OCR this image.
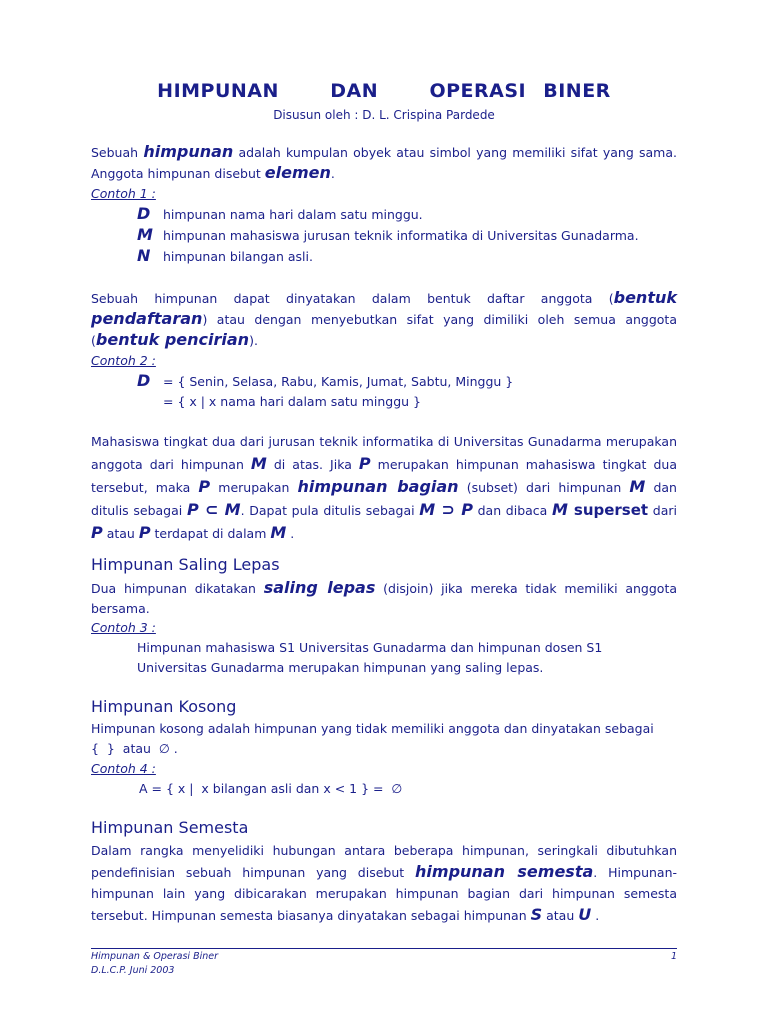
HIMPUNAN   DAN   OPERASI BINER
Disusun oleh : D. L. Crispina Pardede
Sebuah himpunan adalah kumpulan obyek atau simbol yang memiliki sifat yang sama. Anggota himpunan disebut elemen.
Contoh 1 :
D himpunan nama hari dalam satu minggu.
M himpunan mahasiswa jurusan teknik informatika di Universitas Gunadarma.
N himpunan bilangan asli.
Sebuah himpunan dapat dinyatakan dalam bentuk daftar anggota (bentuk pendaftaran) atau dengan menyebutkan sifat yang dimiliki oleh semua anggota (bentuk pencirian).
Contoh 2 :
D = { Senin, Selasa, Rabu, Kamis, Jumat, Sabtu, Minggu }
= { x | x nama hari dalam satu minggu }
Mahasiswa tingkat dua dari jurusan teknik informatika di Universitas Gunadarma merupakan anggota dari himpunan M di atas. Jika P merupakan himpunan mahasiswa tingkat dua tersebut, maka P merupakan himpunan bagian (subset) dari himpunan M dan ditulis sebagai P ⊂ M. Dapat pula ditulis sebagai M ⊃ P dan dibaca M superset dari P atau P terdapat di dalam M .
Himpunan Saling Lepas
Dua himpunan dikatakan saling lepas (disjoin) jika mereka tidak memiliki anggota bersama.
Contoh 3 :
Himpunan mahasiswa S1 Universitas Gunadarma dan himpunan dosen S1 Universitas Gunadarma merupakan himpunan yang saling lepas.
Himpunan Kosong
Himpunan kosong adalah himpunan yang tidak memiliki anggota dan dinyatakan sebagai
{  }  atau  ∅ .
Contoh 4 :
A = { x |  x bilangan asli dan x < 1 } =  ∅
Himpunan Semesta
Dalam rangka menyelidiki hubungan antara beberapa himpunan, seringkali dibutuhkan pendefinisian sebuah himpunan yang disebut himpunan semesta. Himpunan-himpunan lain yang dibicarakan merupakan himpunan bagian dari himpunan semesta tersebut. Himpunan semesta biasanya dinyatakan sebagai himpunan S atau U .
Himpunan & Operasi Biner	1
D.L.C.P. Juni 2003
